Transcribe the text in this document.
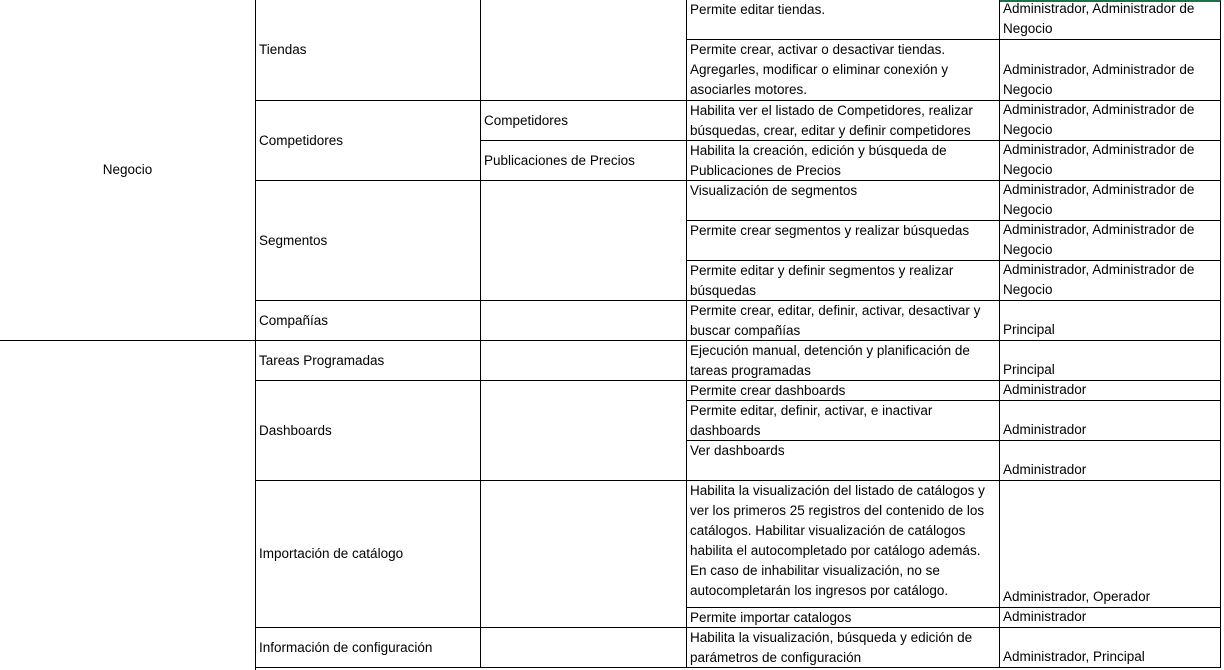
Negocio
Tiendas
Competidores
Segmentos
Compañías
Tareas Programadas
Dashboards
Importación de catálogo
Información de configuración
Competidores
Publicaciones de Precios
Permite editar tiendas.
Permite crear, activar o desactivar tiendas. Agregarles, modificar o eliminar conexión y asociarles motores.
Habilita ver el listado de Competidores, realizar búsquedas, crear, editar y definir competidores
Habilita la creación, edición y búsqueda de Publicaciones de Precios
Visualización de segmentos
Permite crear segmentos y realizar búsquedas
Permite editar y definir segmentos y realizar búsquedas
Permite crear, editar, definir, activar, desactivar y buscar compañías
Ejecución manual, detención y planificación de tareas programadas
Permite crear dashboards
Permite editar, definir, activar, e inactivar dashboards
Ver dashboards
Habilita la visualización del listado de catálogos y ver los primeros 25 registros del contenido de los catálogos. Habilitar visualización de catálogos habilita el autocompletado por catálogo además. En caso de inhabilitar visualización, no se autocompletarán los ingresos por catálogo.
Permite importar catalogos
Habilita la visualización, búsqueda y edición de parámetros de configuración
Administrador, Administrador de Negocio
Administrador, Administrador de Negocio
Administrador, Administrador de Negocio
Administrador, Administrador de Negocio
Administrador, Administrador de Negocio
Administrador, Administrador de Negocio
Administrador, Administrador de Negocio
Principal
Principal
Administrador
Administrador
Administrador
Administrador, Operador
Administrador
Administrador, Principal
